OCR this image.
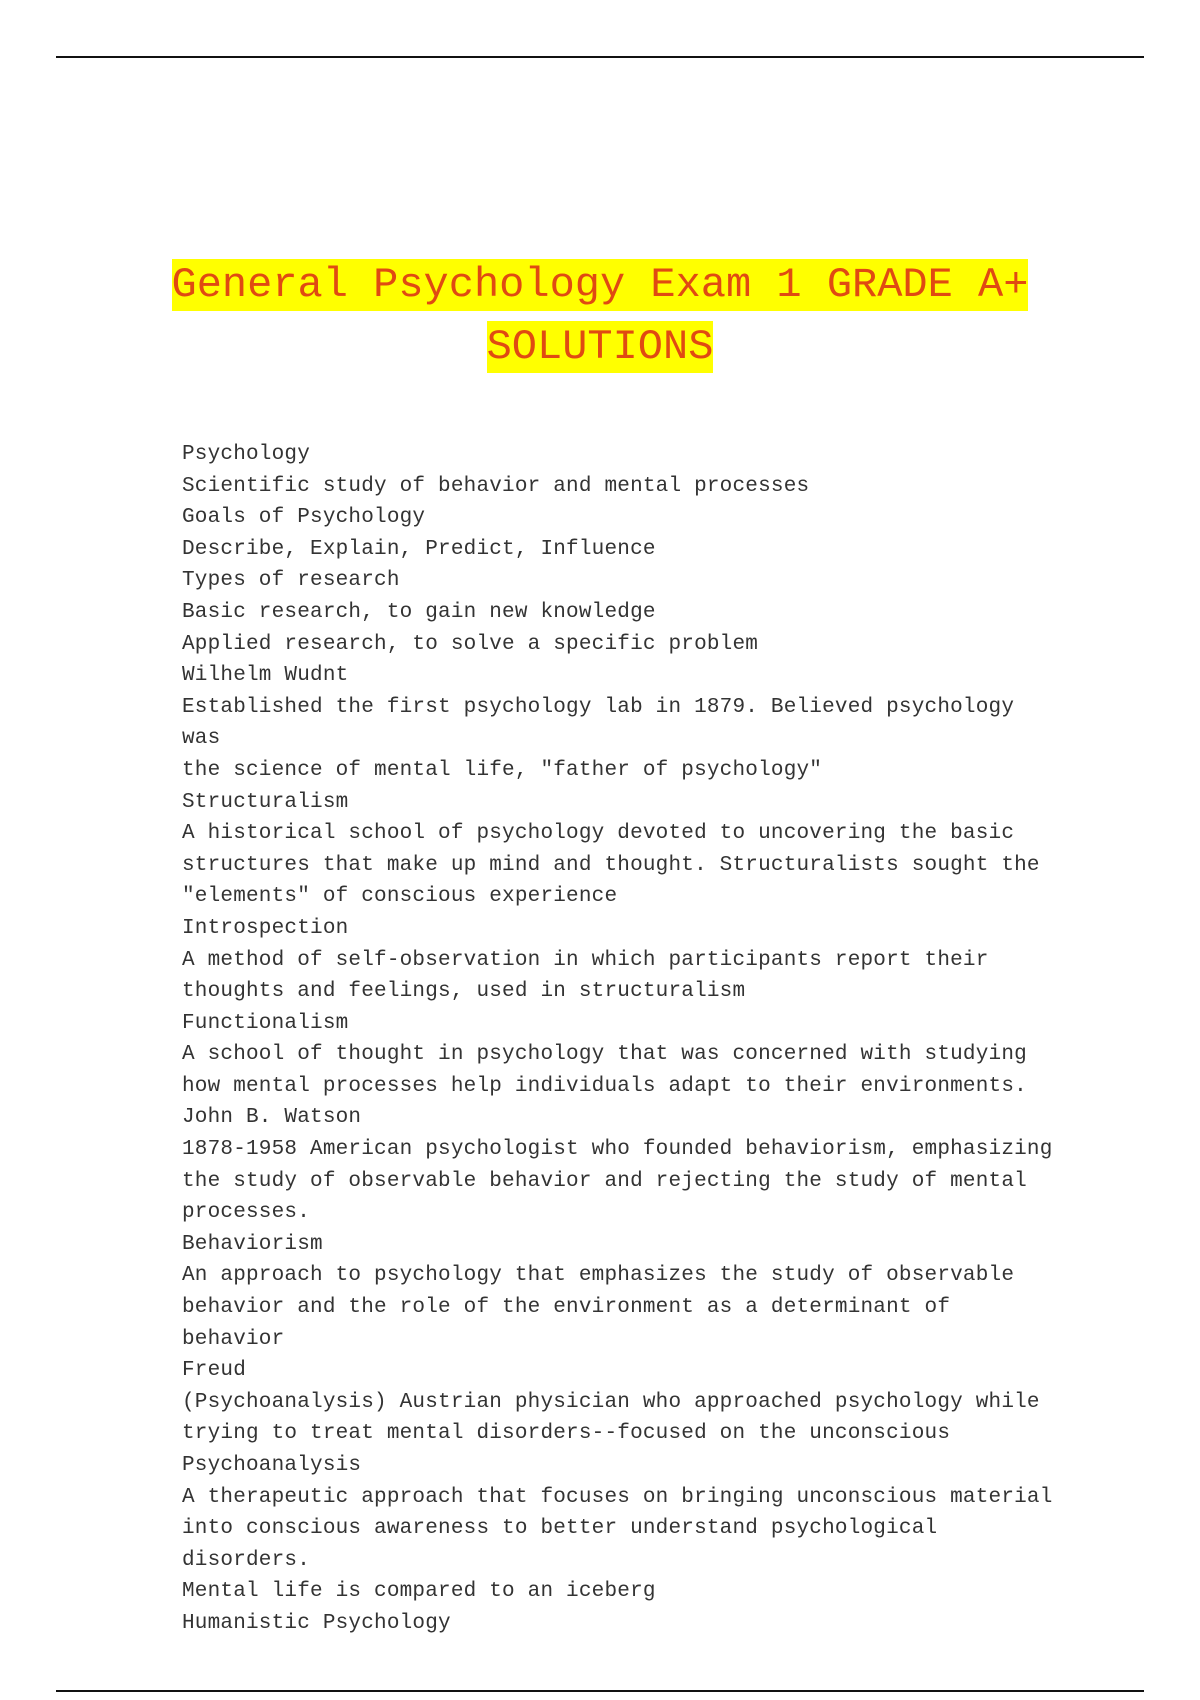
General Psychology Exam 1 GRADE A+
SOLUTIONS
Psychology
Scientific study of behavior and mental processes
Goals of Psychology
Describe, Explain, Predict, Influence
Types of research
Basic research, to gain new knowledge
Applied research, to solve a specific problem
Wilhelm Wudnt
Established the first psychology lab in 1879. Believed psychology was
the science of mental life, "father of psychology"
Structuralism
A historical school of psychology devoted to uncovering the basic
structures that make up mind and thought. Structuralists sought the
"elements" of conscious experience
Introspection
A method of self-observation in which participants report their
thoughts and feelings, used in structuralism
Functionalism
A school of thought in psychology that was concerned with studying
how mental processes help individuals adapt to their environments.
John B. Watson
1878-1958 American psychologist who founded behaviorism, emphasizing
the study of observable behavior and rejecting the study of mental
processes.
Behaviorism
An approach to psychology that emphasizes the study of observable
behavior and the role of the environment as a determinant of behavior
Freud
(Psychoanalysis) Austrian physician who approached psychology while
trying to treat mental disorders--focused on the unconscious
Psychoanalysis
A therapeutic approach that focuses on bringing unconscious material
into conscious awareness to better understand psychological disorders.
Mental life is compared to an iceberg
Humanistic Psychology
